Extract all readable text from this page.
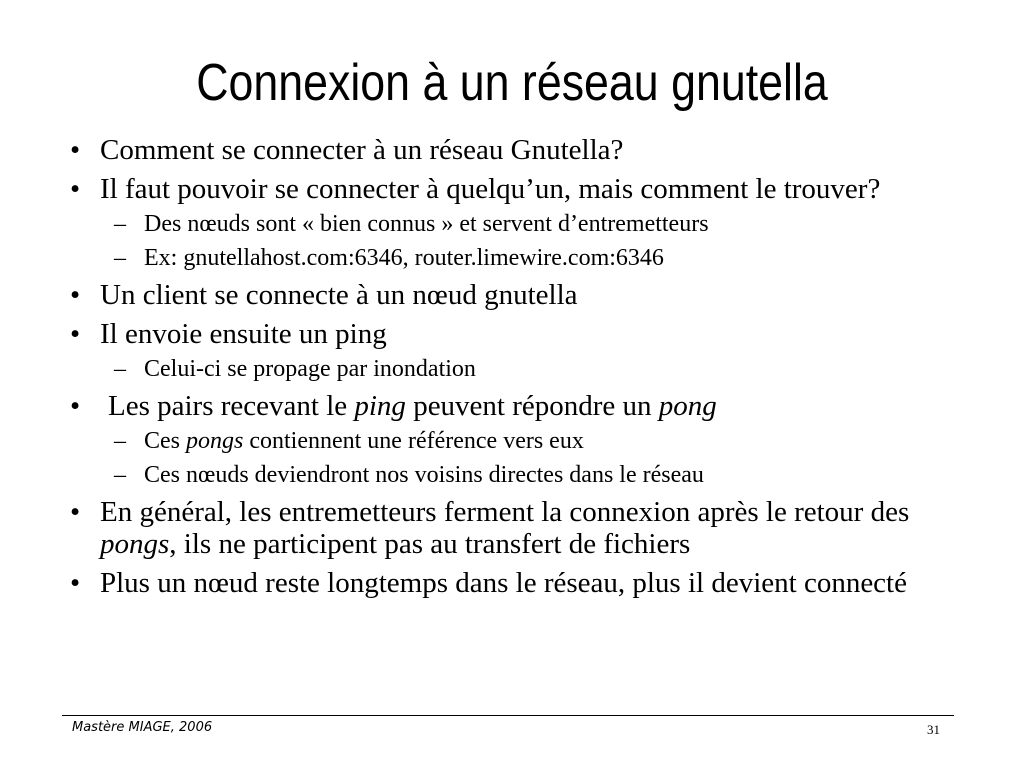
Connexion à un réseau gnutella
• Comment se connecter à un réseau Gnutella?
• Il faut pouvoir se connecter à quelqu’un, mais comment le trouver?
– Des nœuds sont « bien connus » et servent d’entremetteurs
– Ex: gnutellahost.com:6346, router.limewire.com:6346
• Un client se connecte à un nœud gnutella
• Il envoie ensuite un ping
– Celui-ci se propage par inondation
• Les pairs recevant le ping peuvent répondre un pong
– Ces pongs contiennent une référence vers eux
– Ces nœuds deviendront nos voisins directes dans le réseau
• En général, les entremetteurs ferment la connexion après le retour des pongs, ils ne participent pas au transfert de fichiers
• Plus un nœud reste longtemps dans le réseau, plus il devient connecté
Mastère MIAGE, 2006	31
